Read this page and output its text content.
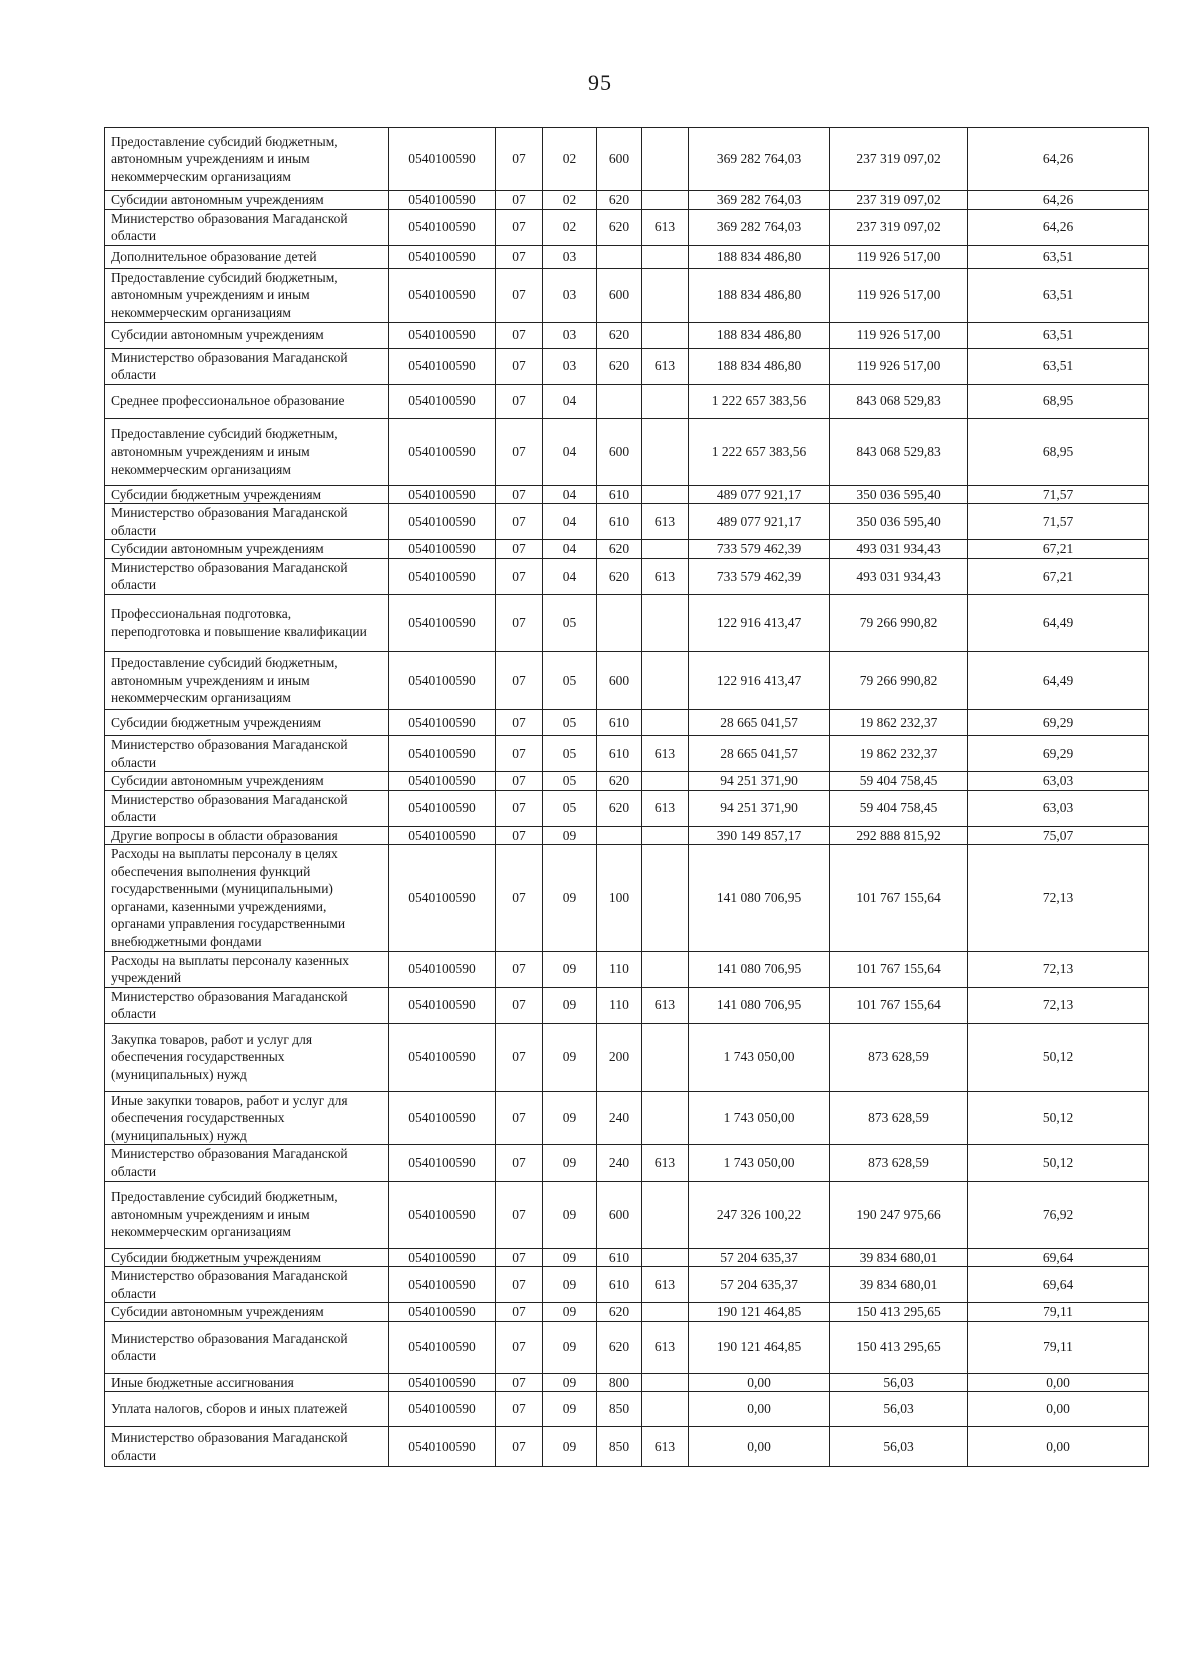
95
Предоставление субсидий бюджетным, автономным учреждениям и иным некоммерческим организациям	0540100590	07	02	600		369 282 764,03	237 319 097,02	64,26
Субсидии автономным учреждениям	0540100590	07	02	620		369 282 764,03	237 319 097,02	64,26
Министерство образования Магаданской области	0540100590	07	02	620	613	369 282 764,03	237 319 097,02	64,26
Дополнительное образование детей	0540100590	07	03			188 834 486,80	119 926 517,00	63,51
Предоставление субсидий бюджетным, автономным учреждениям и иным некоммерческим организациям	0540100590	07	03	600		188 834 486,80	119 926 517,00	63,51
Субсидии автономным учреждениям	0540100590	07	03	620		188 834 486,80	119 926 517,00	63,51
Министерство образования Магаданской области	0540100590	07	03	620	613	188 834 486,80	119 926 517,00	63,51
Среднее профессиональное образование	0540100590	07	04			1 222 657 383,56	843 068 529,83	68,95
Предоставление субсидий бюджетным, автономным учреждениям и иным некоммерческим организациям	0540100590	07	04	600		1 222 657 383,56	843 068 529,83	68,95
Субсидии бюджетным учреждениям	0540100590	07	04	610		489 077 921,17	350 036 595,40	71,57
Министерство образования Магаданской области	0540100590	07	04	610	613	489 077 921,17	350 036 595,40	71,57
Субсидии автономным учреждениям	0540100590	07	04	620		733 579 462,39	493 031 934,43	67,21
Министерство образования Магаданской области	0540100590	07	04	620	613	733 579 462,39	493 031 934,43	67,21
Профессиональная подготовка, переподготовка и повышение квалификации	0540100590	07	05			122 916 413,47	79 266 990,82	64,49
Предоставление субсидий бюджетным, автономным учреждениям и иным некоммерческим организациям	0540100590	07	05	600		122 916 413,47	79 266 990,82	64,49
Субсидии бюджетным учреждениям	0540100590	07	05	610		28 665 041,57	19 862 232,37	69,29
Министерство образования Магаданской области	0540100590	07	05	610	613	28 665 041,57	19 862 232,37	69,29
Субсидии автономным учреждениям	0540100590	07	05	620		94 251 371,90	59 404 758,45	63,03
Министерство образования Магаданской области	0540100590	07	05	620	613	94 251 371,90	59 404 758,45	63,03
Другие вопросы в области образования	0540100590	07	09			390 149 857,17	292 888 815,92	75,07
Расходы на выплаты персоналу в целях обеспечения выполнения функций государственными (муниципальными) органами, казенными учреждениями, органами управления государственными внебюджетными фондами	0540100590	07	09	100		141 080 706,95	101 767 155,64	72,13
Расходы на выплаты персоналу казенных учреждений	0540100590	07	09	110		141 080 706,95	101 767 155,64	72,13
Министерство образования Магаданской области	0540100590	07	09	110	613	141 080 706,95	101 767 155,64	72,13
Закупка товаров, работ и услуг для обеспечения государственных (муниципальных) нужд	0540100590	07	09	200		1 743 050,00	873 628,59	50,12
Иные закупки товаров, работ и услуг для обеспечения государственных (муниципальных) нужд	0540100590	07	09	240		1 743 050,00	873 628,59	50,12
Министерство образования Магаданской области	0540100590	07	09	240	613	1 743 050,00	873 628,59	50,12
Предоставление субсидий бюджетным, автономным учреждениям и иным некоммерческим организациям	0540100590	07	09	600		247 326 100,22	190 247 975,66	76,92
Субсидии бюджетным учреждениям	0540100590	07	09	610		57 204 635,37	39 834 680,01	69,64
Министерство образования Магаданской области	0540100590	07	09	610	613	57 204 635,37	39 834 680,01	69,64
Субсидии автономным учреждениям	0540100590	07	09	620		190 121 464,85	150 413 295,65	79,11
Министерство образования Магаданской области	0540100590	07	09	620	613	190 121 464,85	150 413 295,65	79,11
Иные бюджетные ассигнования	0540100590	07	09	800		0,00	56,03	0,00
Уплата налогов, сборов и иных платежей	0540100590	07	09	850		0,00	56,03	0,00
Министерство образования Магаданской области	0540100590	07	09	850	613	0,00	56,03	0,00
